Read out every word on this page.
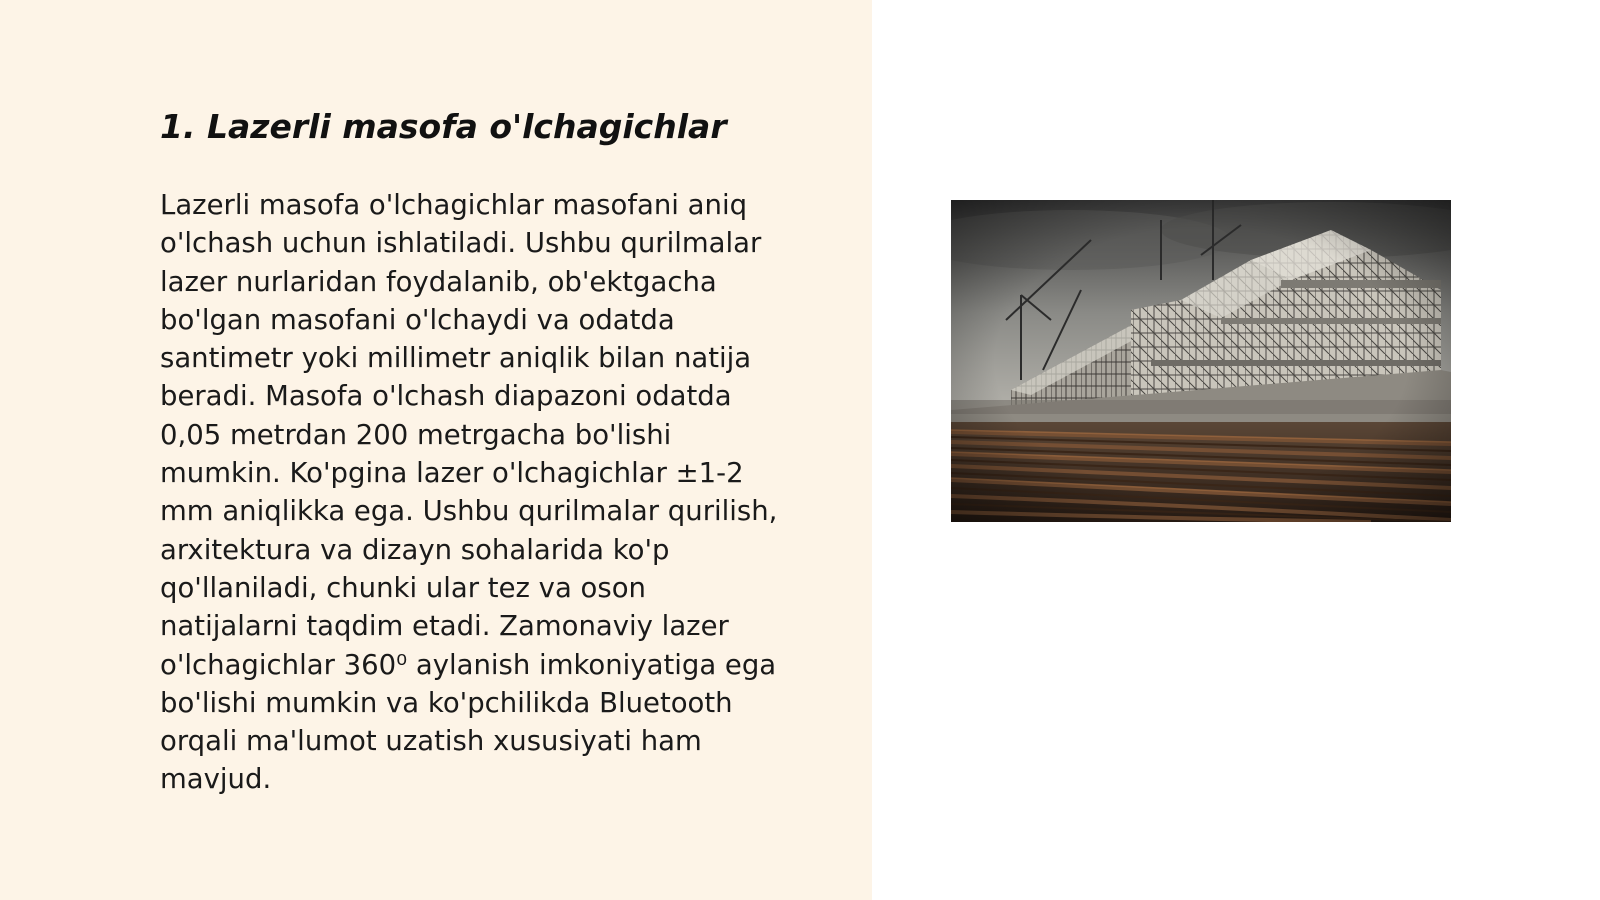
1. Lazerli masofa o'lchagichlar

Lazerli masofa o'lchagichlar masofani aniq
o'lchash uchun ishlatiladi. Ushbu qurilmalar
lazer nurlaridan foydalanib, ob'ektgacha
bo'lgan masofani o'lchaydi va odatda
santimetr yoki millimetr aniqlik bilan natija
beradi. Masofa o'lchash diapazoni odatda
0,05 metrdan 200 metrgacha bo'lishi
mumkin. Ko'pgina lazer o'lchagichlar ±1-2
mm aniqlikka ega. Ushbu qurilmalar qurilish,
arxitektura va dizayn sohalarida ko'p
qo'llaniladi, chunki ular tez va oson
natijalarni taqdim etadi. Zamonaviy lazer
o'lchagichlar 360⁰ aylanish imkoniyatiga ega
bo'lishi mumkin va ko'pchilikda Bluetooth
orqali ma'lumot uzatish xususiyati ham
mavjud.
